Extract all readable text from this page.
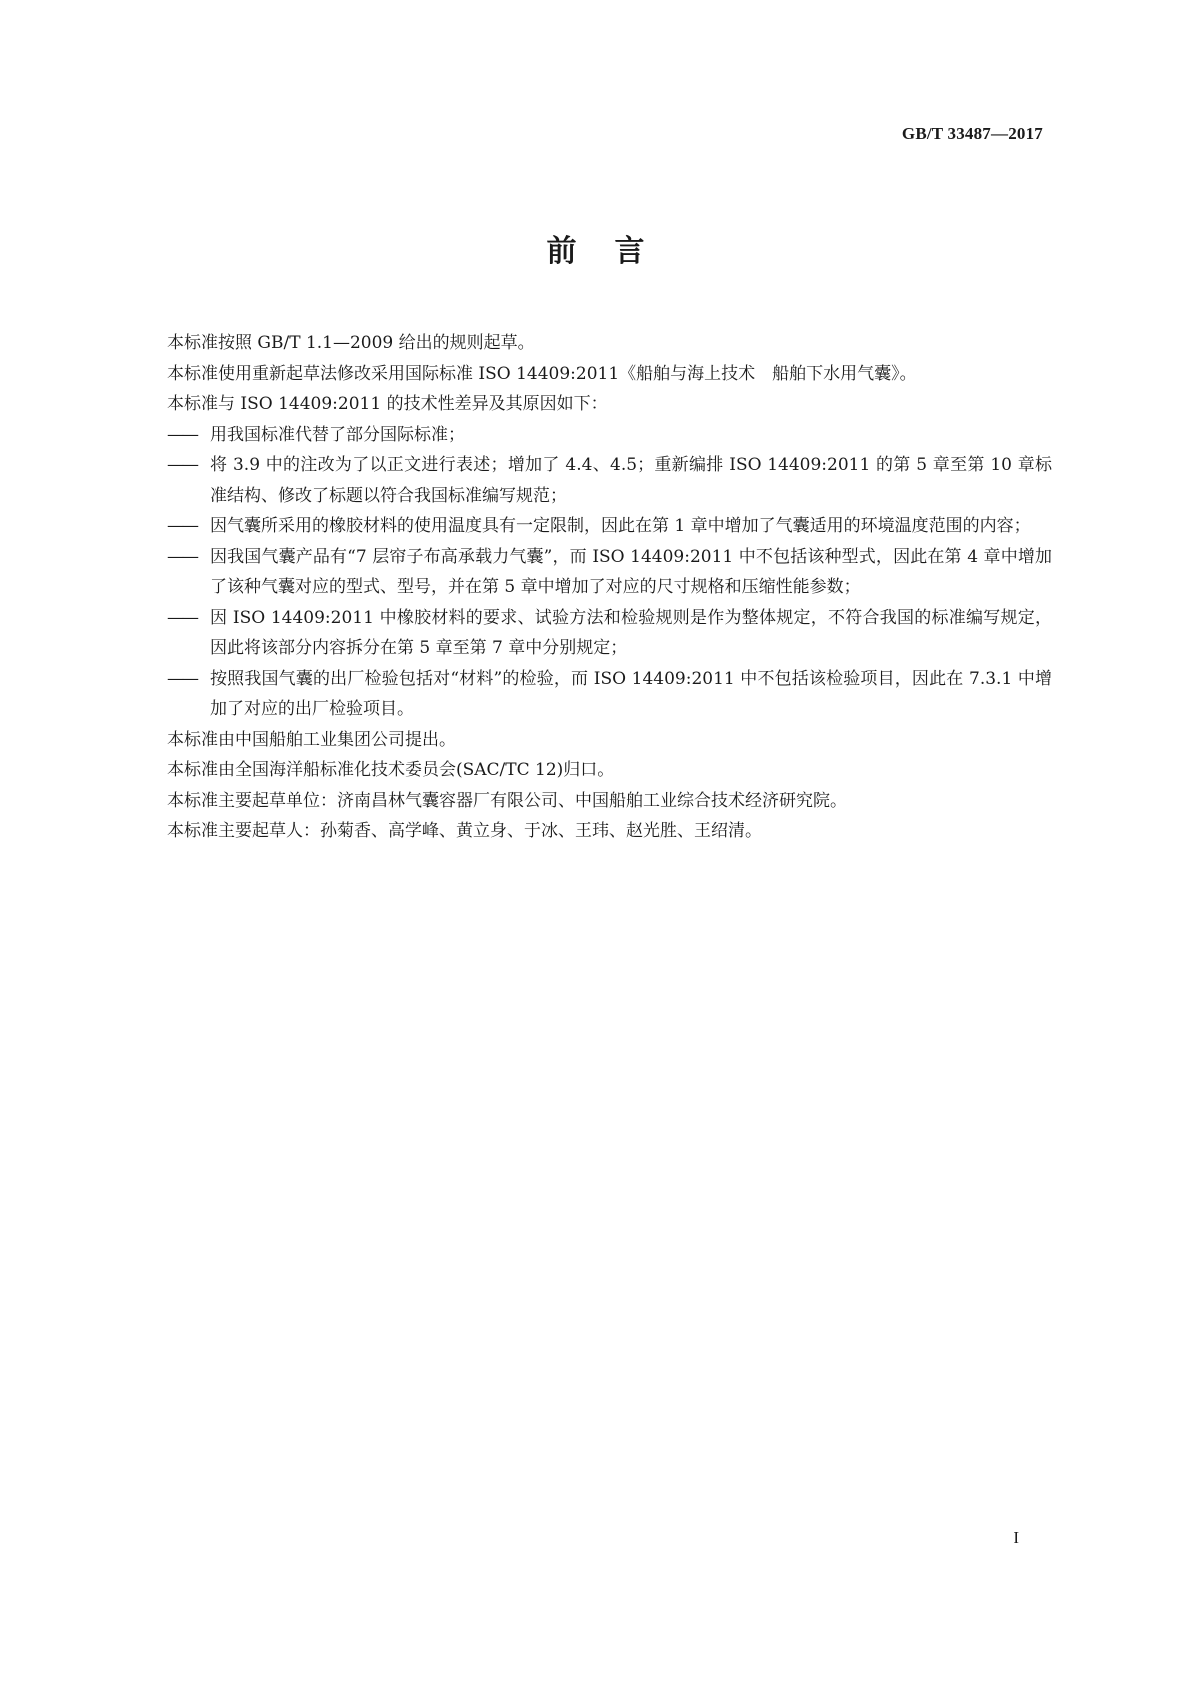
GB/T 33487—2017
前言

本标准按照 GB/T 1.1—2009 给出的规则起草。

本标准使用重新起草法修改采用国际标准 ISO 14409:2011《船舶与海上技术　船舶下水用气囊》。

本标准与 ISO 14409:2011 的技术性差异及其原因如下：

—— 用我国标准代替了部分国际标准；
—— 将 3.9 中的注改为了以正文进行表述；增加了 4.4、4.5；重新编排 ISO 14409:2011 的第 5 章至第 10 章标准结构、修改了标题以符合我国标准编写规范；
—— 因气囊所采用的橡胶材料的使用温度具有一定限制，因此在第 1 章中增加了气囊适用的环境温度范围的内容；
—— 因我国气囊产品有“7 层帘子布高承载力气囊”，而 ISO 14409:2011 中不包括该种型式，因此在第 4 章中增加了该种气囊对应的型式、型号，并在第 5 章中增加了对应的尺寸规格和压缩性能参数；
—— 因 ISO 14409:2011 中橡胶材料的要求、试验方法和检验规则是作为整体规定，不符合我国的标准编写规定，因此将该部分内容拆分在第 5 章至第 7 章中分别规定；
—— 按照我国气囊的出厂检验包括对“材料”的检验，而 ISO 14409:2011 中不包括该检验项目，因此在 7.3.1 中增加了对应的出厂检验项目。

本标准由中国船舶工业集团公司提出。

本标准由全国海洋船标准化技术委员会(SAC/TC 12)归口。

本标准主要起草单位：济南昌林气囊容器厂有限公司、中国船舶工业综合技术经济研究院。

本标准主要起草人：孙菊香、高学峰、黄立身、于冰、王玮、赵光胜、王绍清。

I
